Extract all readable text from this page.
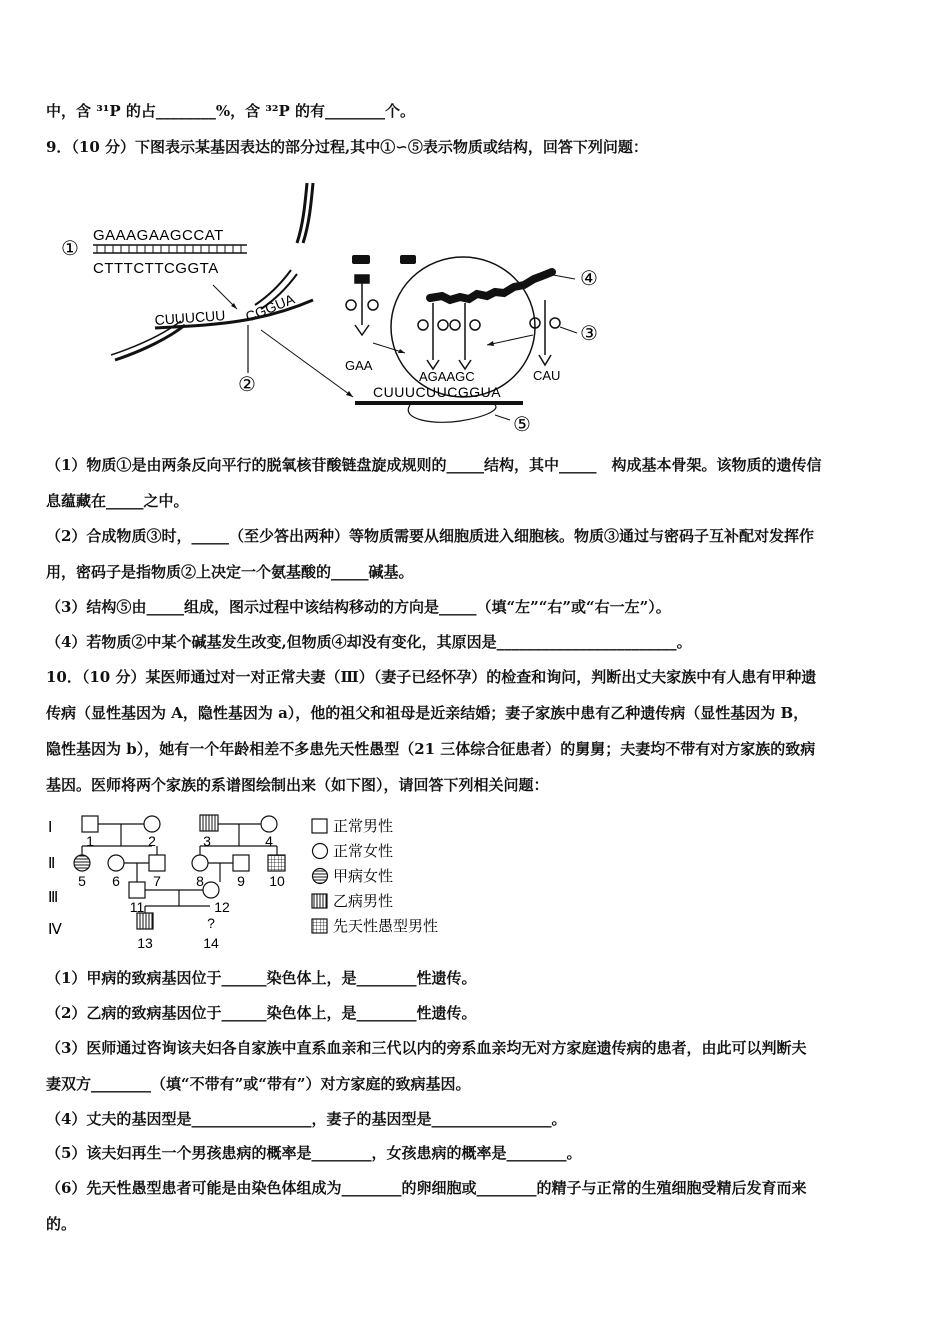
中，含 ³¹P 的占________%，含 ³²P 的有________个。
9．（10 分）下图表示某基因表达的部分过程,其中①∽⑤表示物质或结构，回答下列问题：
①
GAAAGAAGCCAT
CTTTCTTCGGTA
CUUUCUU CGGUA
②
④
GAA
AGAAGC	CAU
③
CUUUCUUCGGUA
⑤
（1）物质①是由两条反向平行的脱氧核苷酸链盘旋成规则的_____结构，其中_____　构成基本骨架。该物质的遗传信
息蕴藏在_____之中。
（2）合成物质③时，_____（至少答出两种）等物质需要从细胞质进入细胞核。物质③通过与密码子互补配对发挥作
用，密码子是指物质②上决定一个氨基酸的_____碱基。
（3）结构⑤由_____组成，图示过程中该结构移动的方向是_____（填“左”“右”或“右一左”）。
（4）若物质②中某个碱基发生改变,但物质④却没有变化，其原因是________________________。
10．（10 分）某医师通过对一对正常夫妻（Ⅲ）（妻子已经怀孕）的检查和询问，判断出丈夫家族中有人患有甲种遗
传病（显性基因为 A，隐性基因为 a），他的祖父和祖母是近亲结婚；妻子家族中患有乙种遗传病（显性基因为 B，
隐性基因为 b），她有一个年龄相差不多患先天性愚型（21 三体综合征患者）的舅舅；夫妻均不带有对方家族的致病
基因。医师将两个家族的系谱图绘制出来（如下图），请回答下列相关问题：
Ⅰ
Ⅱ
Ⅲ
Ⅳ
1	2	3	4
5 6 7	8 9 10
11	12
?
13	14
正常男性
正常女性
甲病女性
乙病男性
先天性愚型男性
（1）甲病的致病基因位于______染色体上，是________性遗传。
（2）乙病的致病基因位于______染色体上，是________性遗传。
（3）医师通过咨询该夫妇各自家族中直系血亲和三代以内的旁系血亲均无对方家庭遗传病的患者，由此可以判断夫
妻双方________（填“不带有”或“带有”）对方家庭的致病基因。
（4）丈夫的基因型是________________，妻子的基因型是________________。
（5）该夫妇再生一个男孩患病的概率是________，女孩患病的概率是________。
（6）先天性愚型患者可能是由染色体组成为________的卵细胞或________的精子与正常的生殖细胞受精后发育而来
的。
